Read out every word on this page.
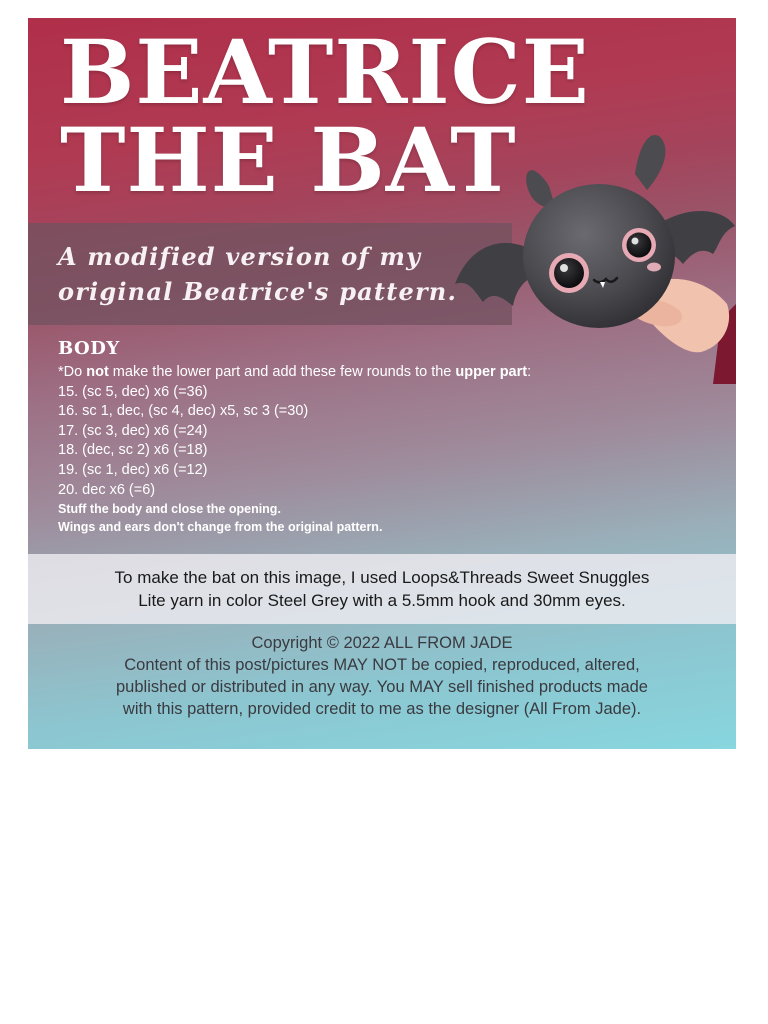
BEATRICE
THE BAT

A modified version of my
original Beatrice's pattern.

BODY
*Do not make the lower part and add these few rounds to the upper part:
15. (sc 5, dec) x6 (=36)
16. sc 1, dec, (sc 4, dec) x5, sc 3 (=30)
17. (sc 3, dec) x6 (=24)
18. (dec, sc 2) x6 (=18)
19. (sc 1, dec) x6 (=12)
20. dec x6 (=6)
Stuff the body and close the opening.
Wings and ears don't change from the original pattern.
To make the bat on this image, I used Loops&Threads Sweet Snuggles
Lite yarn in color Steel Grey with a 5.5mm hook and 30mm eyes.
Copyright © 2022 ALL FROM JADE
Content of this post/pictures MAY NOT be copied, reproduced, altered,
published or distributed in any way. You MAY sell finished products made
with this pattern, provided credit to me as the designer (All From Jade).
